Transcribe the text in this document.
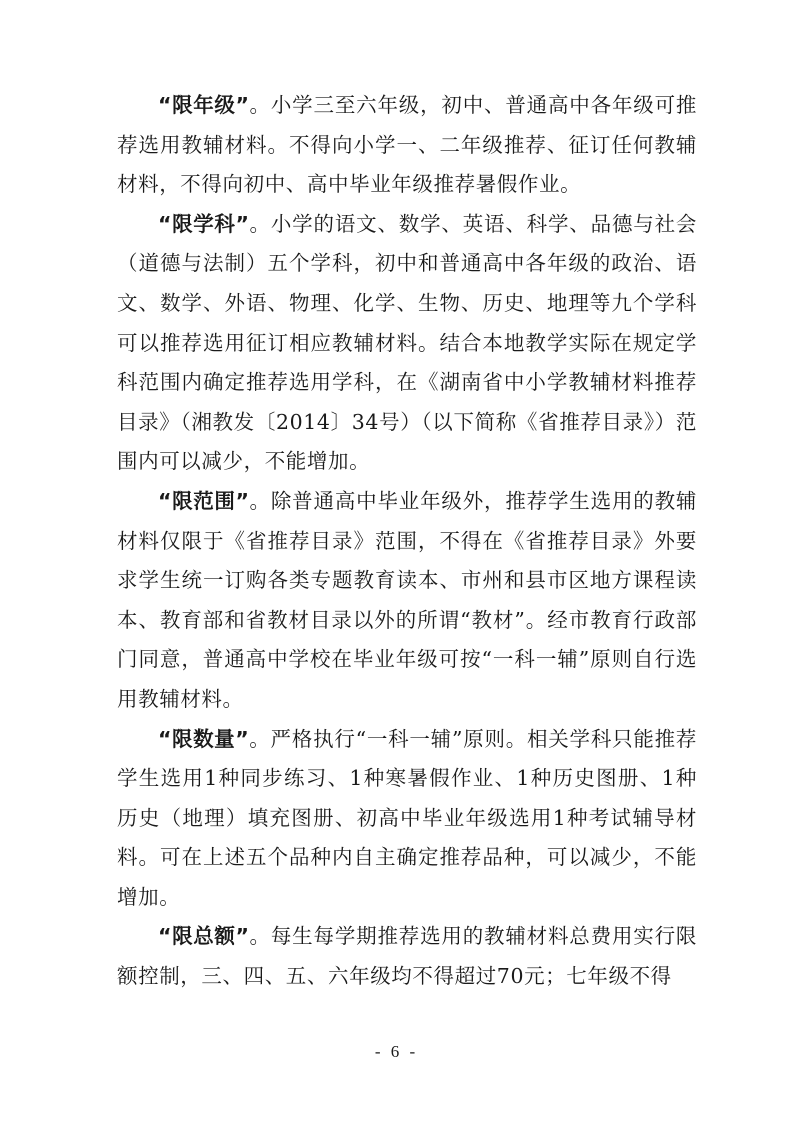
“限年级”。小学三至六年级，初中、普通高中各年级可推荐选用教辅材料。不得向小学一、二年级推荐、征订任何教辅材料，不得向初中、高中毕业年级推荐暑假作业。

“限学科”。小学的语文、数学、英语、科学、品德与社会（道德与法制）五个学科，初中和普通高中各年级的政治、语文、数学、外语、物理、化学、生物、历史、地理等九个学科可以推荐选用征订相应教辅材料。结合本地教学实际在规定学科范围内确定推荐选用学科，在《湖南省中小学教辅材料推荐目录》（湘教发〔2014〕34号）（以下简称《省推荐目录》）范围内可以减少，不能增加。

“限范围”。除普通高中毕业年级外，推荐学生选用的教辅材料仅限于《省推荐目录》范围，不得在《省推荐目录》外要求学生统一订购各类专题教育读本、市州和县市区地方课程读本、教育部和省教材目录以外的所谓“教材”。经市教育行政部门同意，普通高中学校在毕业年级可按“一科一辅”原则自行选用教辅材料。

“限数量”。严格执行“一科一辅”原则。相关学科只能推荐学生选用1种同步练习、1种寒暑假作业、1种历史图册、1种历史（地理）填充图册、初高中毕业年级选用1种考试辅导材料。可在上述五个品种内自主确定推荐品种，可以减少，不能增加。

“限总额”。每生每学期推荐选用的教辅材料总费用实行限额控制，三、四、五、六年级均不得超过70元；七年级不得

- 6 -
